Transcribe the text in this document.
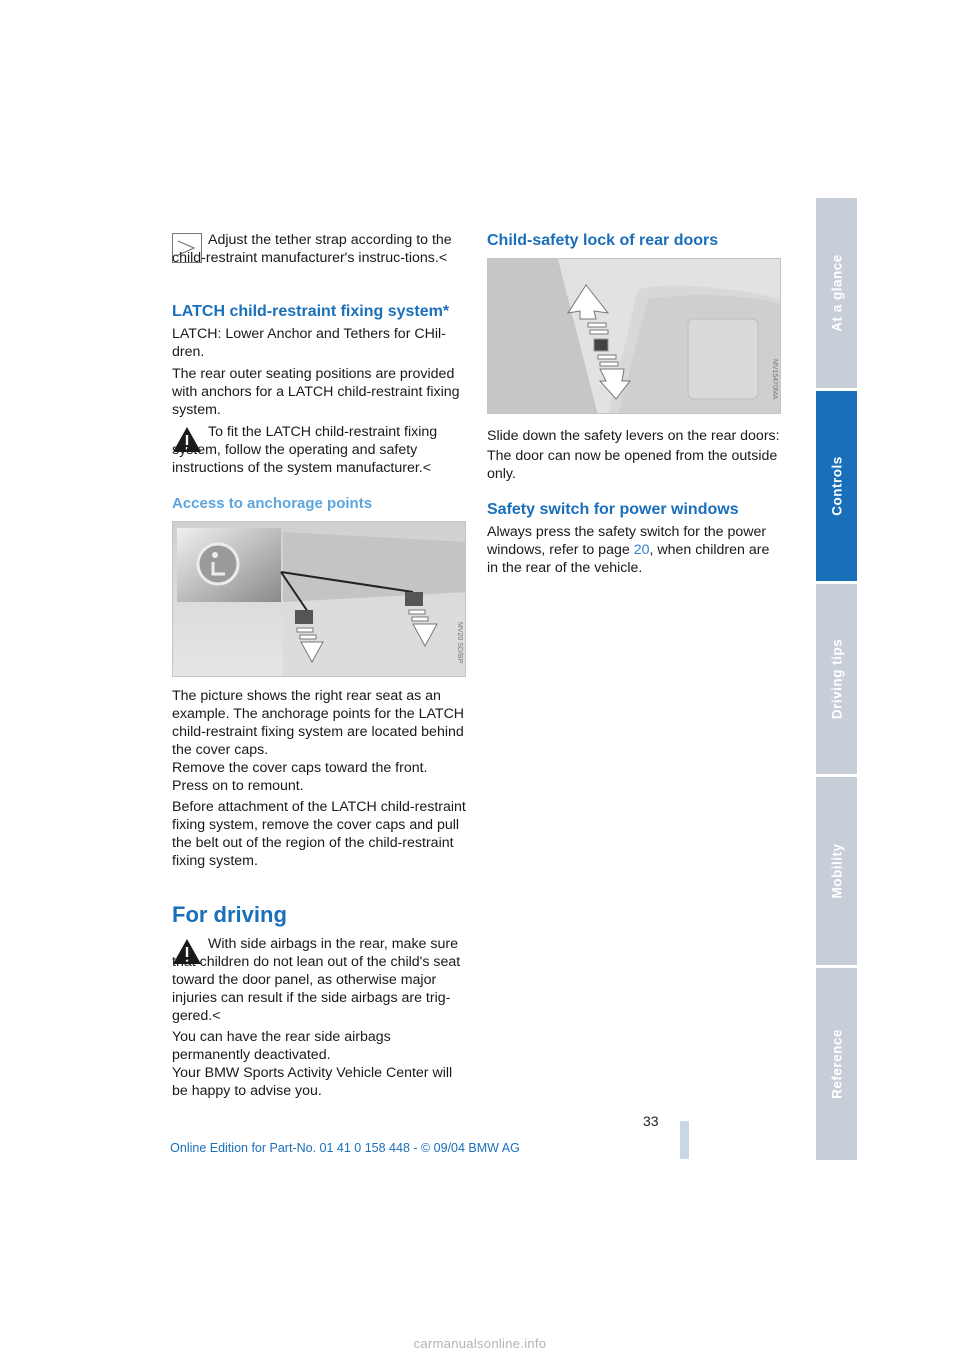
Adjust the tether strap according to the child-restraint manufacturer's instruc-tions.<

LATCH child-restraint fixing system*

LATCH: Lower Anchor and Tethers for CHil-dren.

The rear outer seating positions are provided with anchors for a LATCH child-restraint fixing system.

To fit the LATCH child-restraint fixing system, follow the operating and safety instructions of the system manufacturer.<

Access to anchorage points
MV20 SD/BP

The picture shows the right rear seat as an example. The anchorage points for the LATCH child-restraint fixing system are located behind the cover caps.

Remove the cover caps toward the front. Press on to remount.

Before attachment of the LATCH child-restraint fixing system, remove the cover caps and pull the belt out of the region of the child-restraint fixing system.

For driving

With side airbags in the rear, make sure that children do not lean out of the child's seat toward the door panel, as otherwise major injuries can result if the side airbags are trig-gered.<

You can have the rear side airbags permanently deactivated.

Your BMW Sports Activity Vehicle Center will be happy to advise you.

Child-safety lock of rear doors
MV15470MA

Slide down the safety levers on the rear doors:

The door can now be opened from the outside only.

Safety switch for power windows

Always press the safety switch for the power windows, refer to page 20, when children are in the rear of the vehicle.

At a glance
Controls
Driving tips
Mobility
Reference
33
Online Edition for Part-No. 01 41 0 158 448 - © 09/04 BMW AG
carmanualsonline.info
